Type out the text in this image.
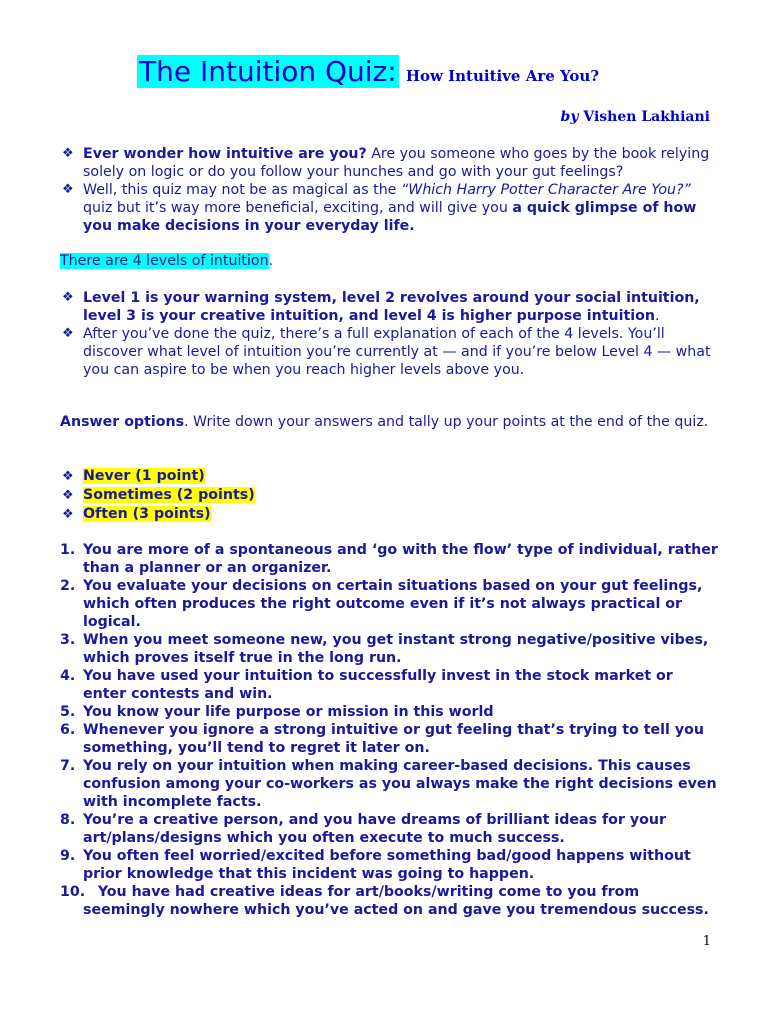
The Intuition Quiz: How Intuitive Are You?
by Vishen Lakhiani
❖ Ever wonder how intuitive are you? Are you someone who goes by the book relying solely on logic or do you follow your hunches and go with your gut feelings?
❖ Well, this quiz may not be as magical as the “Which Harry Potter Character Are You?” quiz but it’s way more beneficial, exciting, and will give you a quick glimpse of how you make decisions in your everyday life.
There are 4 levels of intuition.
❖ Level 1 is your warning system, level 2 revolves around your social intuition, level 3 is your creative intuition, and level 4 is higher purpose intuition.
❖ After you’ve done the quiz, there’s a full explanation of each of the 4 levels. You’ll discover what level of intuition you’re currently at — and if you’re below Level 4 — what you can aspire to be when you reach higher levels above you.
Answer options. Write down your answers and tally up your points at the end of the quiz.
❖ Never (1 point)
❖ Sometimes (2 points)
❖ Often (3 points)
1. You are more of a spontaneous and ‘go with the flow’ type of individual, rather than a planner or an organizer.
2. You evaluate your decisions on certain situations based on your gut feelings, which often produces the right outcome even if it’s not always practical or logical.
3. When you meet someone new, you get instant strong negative/positive vibes, which proves itself true in the long run.
4. You have used your intuition to successfully invest in the stock market or enter contests and win.
5. You know your life purpose or mission in this world
6. Whenever you ignore a strong intuitive or gut feeling that’s trying to tell you something, you’ll tend to regret it later on.
7. You rely on your intuition when making career-based decisions. This causes confusion among your co-workers as you always make the right decisions even with incomplete facts.
8. You’re a creative person, and you have dreams of brilliant ideas for your art/plans/designs which you often execute to much success.
9. You often feel worried/excited before something bad/good happens without prior knowledge that this incident was going to happen.
10.
You have had creative ideas for art/books/writing come to you from seemingly nowhere which you’ve acted on and gave you tremendous success.
1
